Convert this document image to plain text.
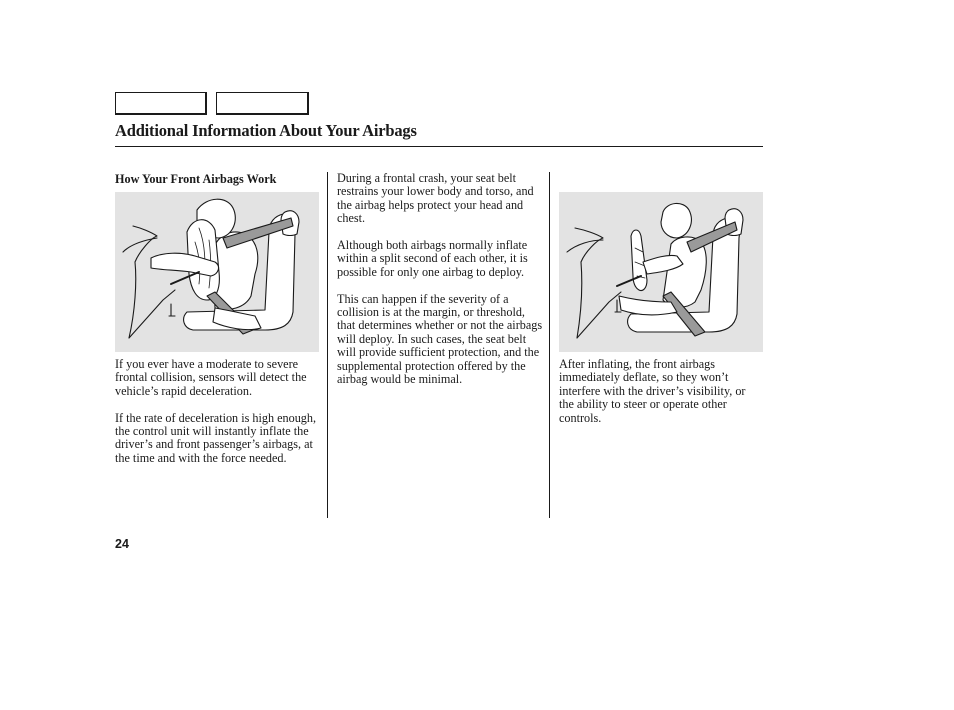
Additional Information About Your Airbags
How Your Front Airbags Work

If you ever have a moderate to severe frontal collision, sensors will detect the vehicle’s rapid deceleration.

If the rate of deceleration is high enough, the control unit will instantly inflate the driver’s and front passenger’s airbags, at the time and with the force needed.

During a frontal crash, your seat belt restrains your lower body and torso, and the airbag helps protect your head and chest.

Although both airbags normally inflate within a split second of each other, it is possible for only one airbag to deploy.

This can happen if the severity of a collision is at the margin, or threshold, that determines whether or not the airbags will deploy. In such cases, the seat belt will provide sufficient protection, and the supplemental protection offered by the airbag would be minimal.

After inflating, the front airbags immediately deflate, so they won’t interfere with the driver’s visibility, or the ability to steer or operate other controls.

24
